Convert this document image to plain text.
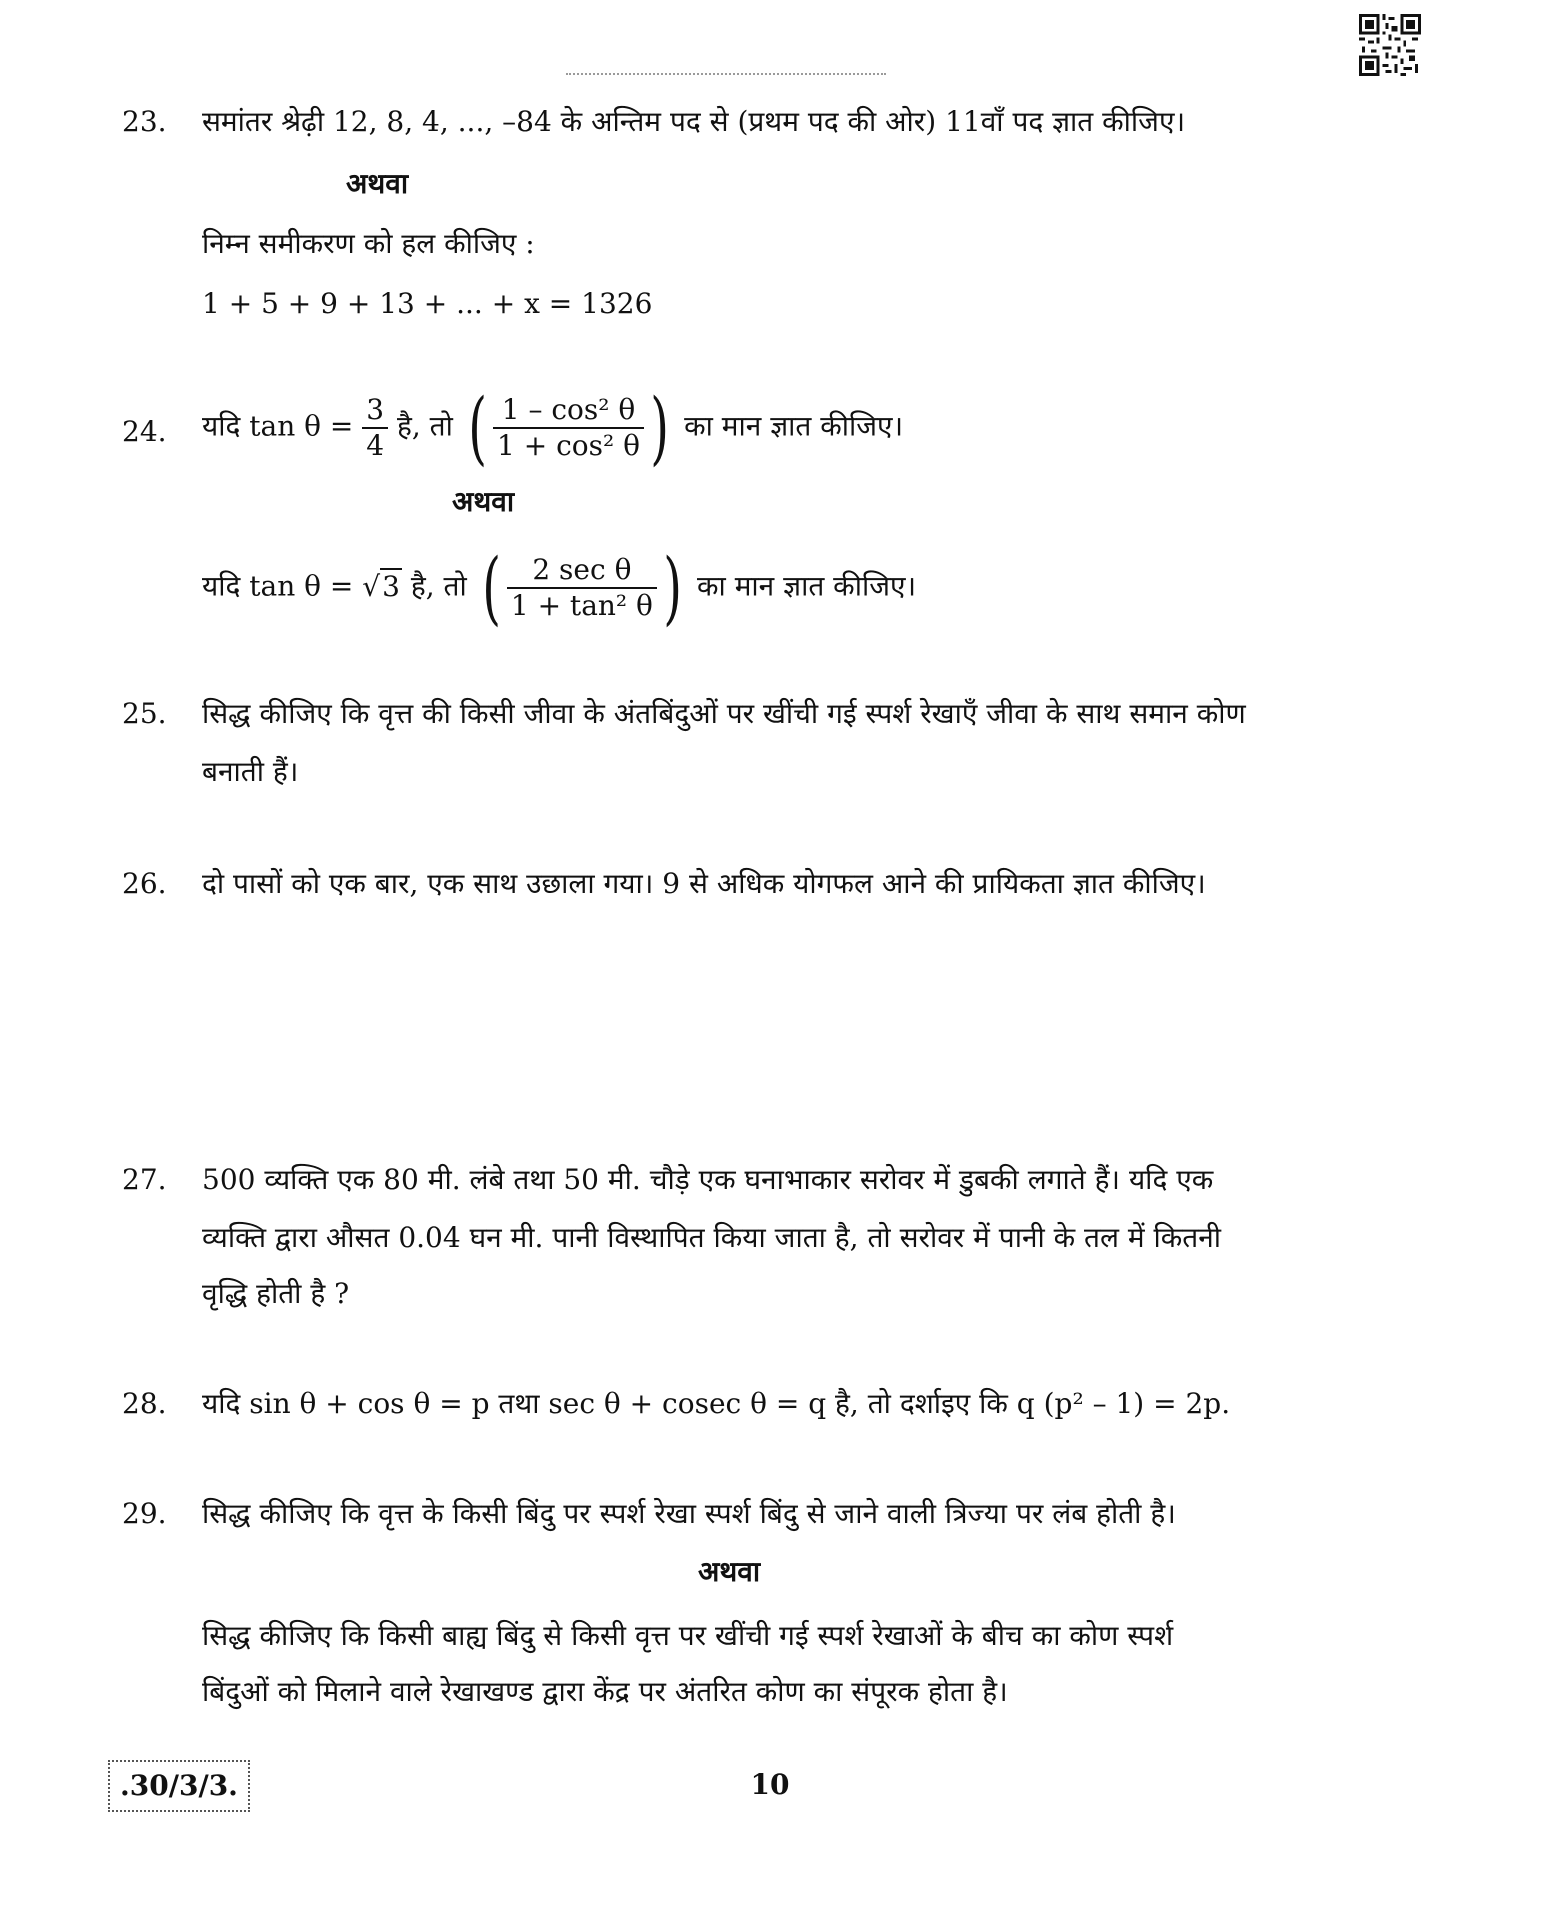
23. समांतर श्रेढ़ी 12, 8, 4, ..., –84 के अन्तिम पद से (प्रथम पद की ओर) 11वाँ पद ज्ञात कीजिए।
अथवा
निम्न समीकरण को हल कीजिए :
1 + 5 + 9 + 13 + ... + x = 1326
24. यदि $\tan \theta = \frac{3}{4}$ है, तो ( $\frac{\text{1 – cos² θ}}{\text{1 + cos² θ}}$ ) का मान ज्ञात कीजिए।
अथवा
यदि tan θ = √3 है, तो ( $\frac{\text{2 sec θ}}{\text{1 + tan² θ}}$ ) का मान ज्ञात कीजिए।
25. सिद्ध कीजिए कि वृत्त की किसी जीवा के अंतबिंदुओं पर खींची गई स्पर्श रेखाएँ जीवा के साथ समान कोण
बनाती हैं।
26. दो पासों को एक बार, एक साथ उछाला गया। 9 से अधिक योगफल आने की प्रायिकता ज्ञात कीजिए।
27. 500 व्यक्ति एक 80 मी. लंबे तथा 50 मी. चौड़े एक घनाभाकार सरोवर में डुबकी लगाते हैं। यदि एक
व्यक्ति द्वारा औसत 0.04 घन मी. पानी विस्थापित किया जाता है, तो सरोवर में पानी के तल में कितनी
वृद्धि होती है ?
28. यदि sin θ + cos θ = p तथा sec θ + cosec θ = q है, तो दर्शाइए कि q (p² – 1) = 2p.
29. सिद्ध कीजिए कि वृत्त के किसी बिंदु पर स्पर्श रेखा स्पर्श बिंदु से जाने वाली त्रिज्या पर लंब होती है।
अथवा
सिद्ध कीजिए कि किसी बाह्य बिंदु से किसी वृत्त पर खींची गई स्पर्श रेखाओं के बीच का कोण स्पर्श
बिंदुओं को मिलाने वाले रेखाखण्ड द्वारा केंद्र पर अंतरित कोण का संपूरक होता है।
.30/3/3.	10
